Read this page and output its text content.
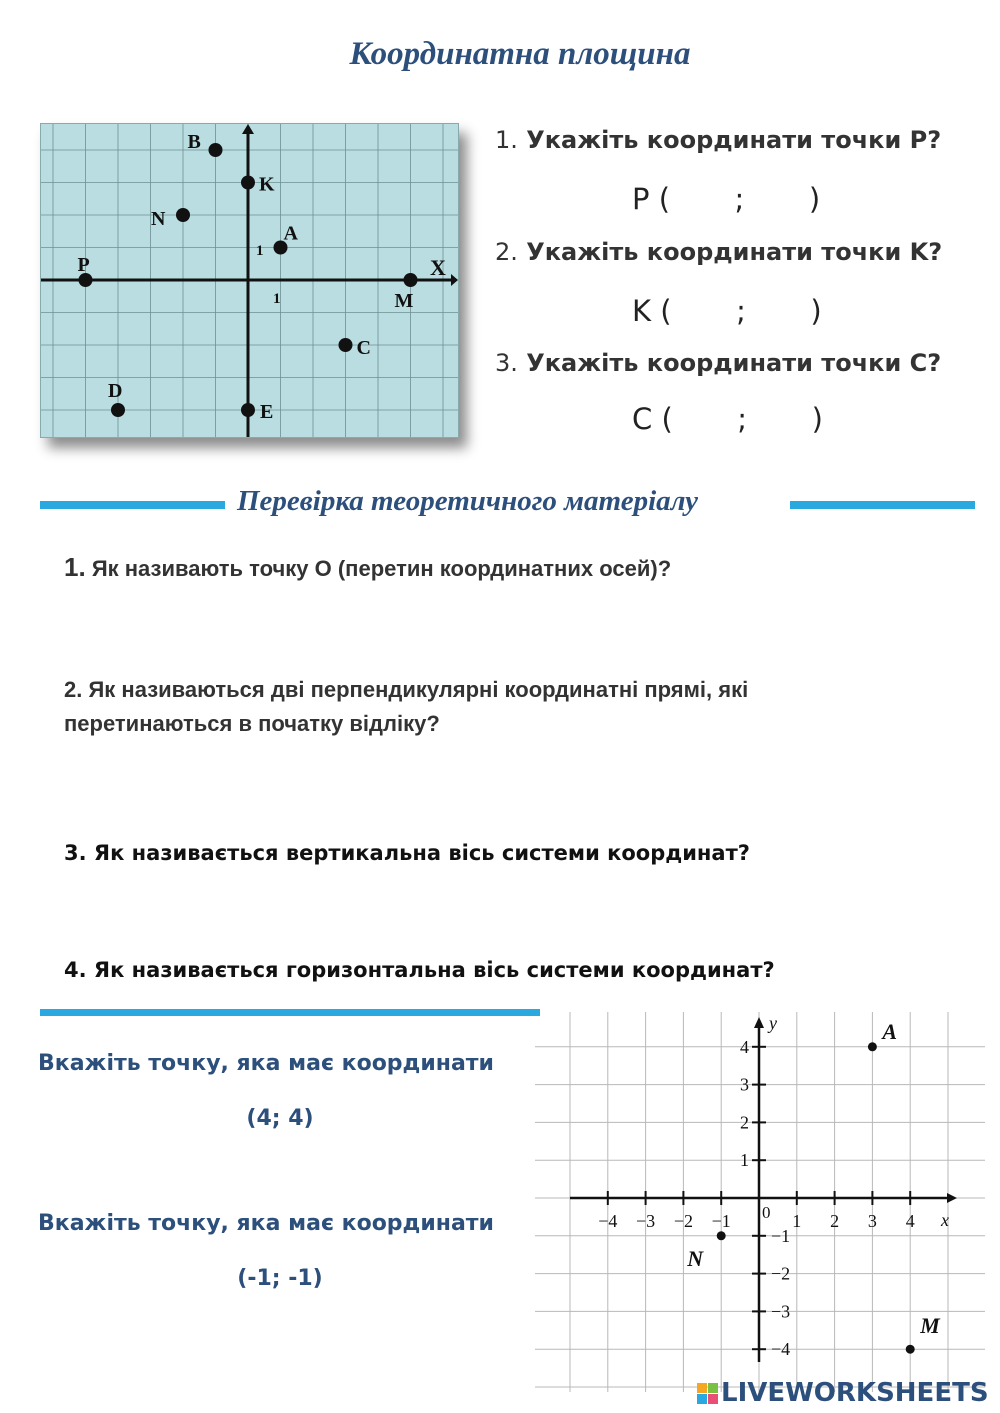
Координатна площина
X
1
1
B
K
N
A
P
M
C
D
E
1. Укажіть координати точки P?
P (       ;       )
2. Укажіть координати точки K?
K (       ;       )
3. Укажіть координати точки C?
C (       ;       )
Перевірка теоретичного матеріалу
1. Як називають точку O (перетин координатних осей)?
2. Як називаються дві перпендикулярні координатні прямі, які
перетинаються в початку відліку?
3. Як називається вертикальна вісь системи координат?
4. Як називається горизонтальна вісь системи координат?
Вкажіть точку, яка має координати
(4; 4)
Вкажіть точку, яка має координати
(-1; -1)
x
y
0
−4 −3 −2 −1	1 2 3 4
4
3
2
1
−1
−2
−3
−4
A
N
M
LIVEWORKSHEETS
